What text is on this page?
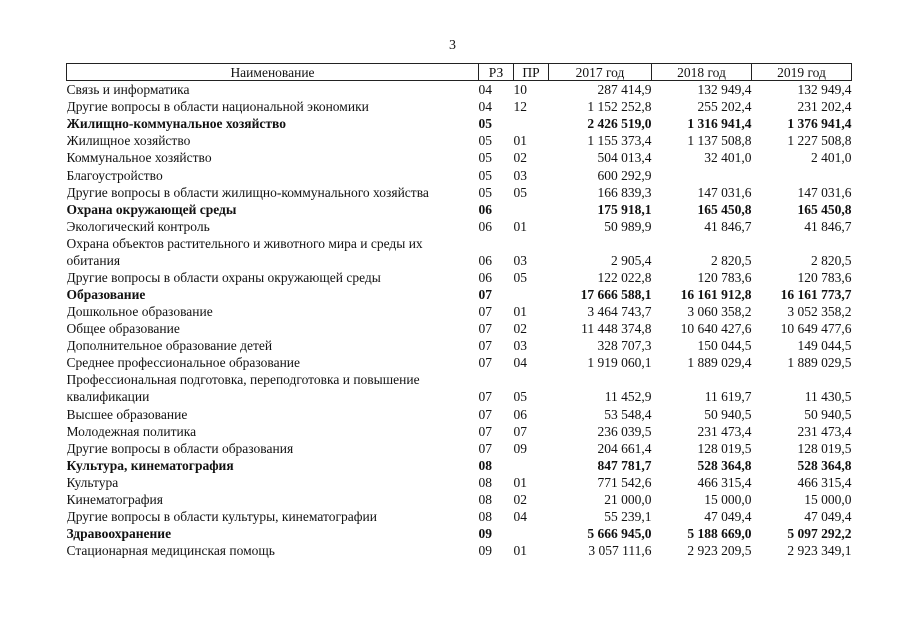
3
Наименование	РЗ	ПР	2017 год	2018 год	2019 год
Связь и информатика	04	10	287 414,9	132 949,4	132 949,4
Другие вопросы в области национальной экономики	04	12	1 152 252,8	255 202,4	231 202,4
Жилищно-коммунальное хозяйство	05		2 426 519,0	1 316 941,4	1 376 941,4
Жилищное хозяйство	05	01	1 155 373,4	1 137 508,8	1 227 508,8
Коммунальное хозяйство	05	02	504 013,4	32 401,0	2 401,0
Благоустройство	05	03	600 292,9		
Другие вопросы в области жилищно-коммунального хозяйства	05	05	166 839,3	147 031,6	147 031,6
Охрана окружающей среды	06		175 918,1	165 450,8	165 450,8
Экологический контроль	06	01	50 989,9	41 846,7	41 846,7
Охрана объектов растительного и животного мира и среды их обитания	06	03	2 905,4	2 820,5	2 820,5
Другие вопросы в области охраны окружающей среды	06	05	122 022,8	120 783,6	120 783,6
Образование	07		17 666 588,1	16 161 912,8	16 161 773,7
Дошкольное образование	07	01	3 464 743,7	3 060 358,2	3 052 358,2
Общее образование	07	02	11 448 374,8	10 640 427,6	10 649 477,6
Дополнительное образование детей	07	03	328 707,3	150 044,5	149 044,5
Среднее профессиональное образование	07	04	1 919 060,1	1 889 029,4	1 889 029,5
Профессиональная подготовка, переподготовка и повышение квалификации	07	05	11 452,9	11 619,7	11 430,5
Высшее образование	07	06	53 548,4	50 940,5	50 940,5
Молодежная политика	07	07	236 039,5	231 473,4	231 473,4
Другие вопросы в области образования	07	09	204 661,4	128 019,5	128 019,5
Культура, кинематография	08		847 781,7	528 364,8	528 364,8
Культура	08	01	771 542,6	466 315,4	466 315,4
Кинематография	08	02	21 000,0	15 000,0	15 000,0
Другие вопросы в области культуры, кинематографии	08	04	55 239,1	47 049,4	47 049,4
Здравоохранение	09		5 666 945,0	5 188 669,0	5 097 292,2
Стационарная медицинская помощь	09	01	3 057 111,6	2 923 209,5	2 923 349,1
